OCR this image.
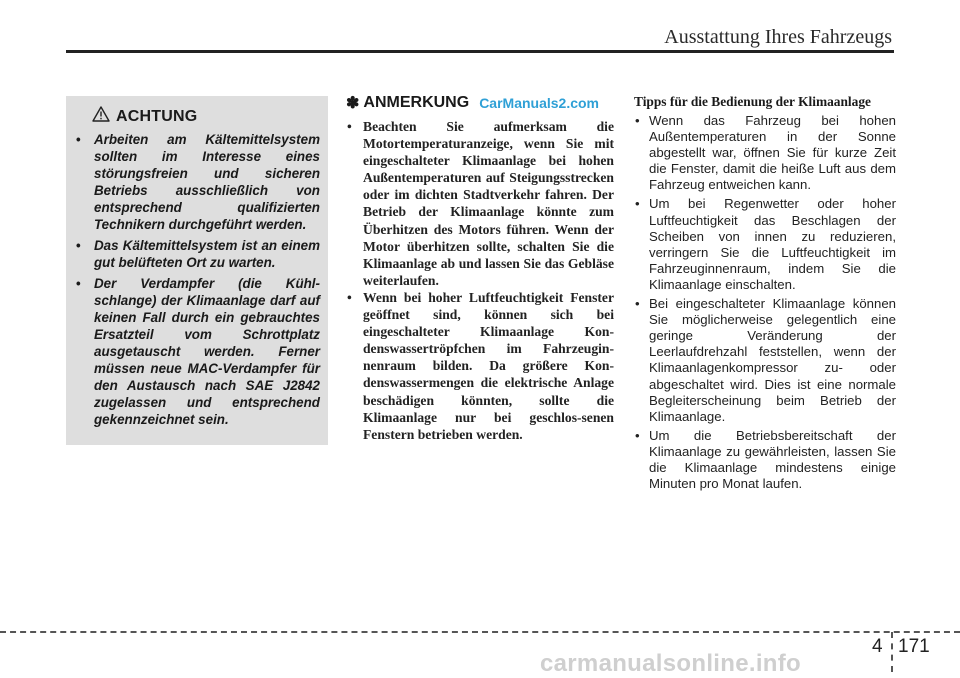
Ausstattung Ihres Fahrzeugs
ACHTUNG
• Arbeiten am Kältemittelsystem sollten im Interesse eines störungsfreien und sicheren Betriebs ausschließlich von entsprechend qualifizierten Technikern durchgeführt werden.
• Das Kältemittelsystem ist an einem gut belüfteten Ort zu warten.
• Der Verdampfer (die Kühl-schlange) der Klimaanlage darf auf keinen Fall durch ein gebrauchtes Ersatzteil vom Schrottplatz ausgetauscht werden. Ferner müssen neue MAC-Verdampfer für den Austausch nach SAE J2842 zugelassen und entsprechend gekennzeichnet sein.
✽ ANMERKUNG CarManuals2.com
• Beachten Sie aufmerksam die Motortemperaturanzeige, wenn Sie mit eingeschalteter Klimaanlage bei hohen Außentemperaturen auf Steigungsstrecken oder im dichten Stadtverkehr fahren. Der Betrieb der Klimaanlage könnte zum Überhitzen des Motors führen. Wenn der Motor überhitzen sollte, schalten Sie die Klimaanlage ab und lassen Sie das Gebläse weiterlaufen.
• Wenn bei hoher Luftfeuchtigkeit Fenster geöffnet sind, können sich bei eingeschalteter Klimaanlage Kon-denswassertröpfchen im Fahrzeugin-nenraum bilden. Da größere Kon-denswassermengen die elektrische Anlage beschädigen könnten, sollte die Klimaanlage nur bei geschlos-senen Fenstern betrieben werden.
Tipps für die Bedienung der Klimaanlage
• Wenn das Fahrzeug bei hohen Außentemperaturen in der Sonne abgestellt war, öffnen Sie für kurze Zeit die Fenster, damit die heiße Luft aus dem Fahrzeug entweichen kann.
• Um bei Regenwetter oder hoher Luftfeuchtigkeit das Beschlagen der Scheiben von innen zu reduzieren, verringern Sie die Luftfeuchtigkeit im Fahrzeuginnenraum, indem Sie die Klimaanlage einschalten.
• Bei eingeschalteter Klimaanlage können Sie möglicherweise gelegentlich eine geringe Veränderung der Leerlaufdrehzahl feststellen, wenn der Klimaanlagenkompressor zu- oder abgeschaltet wird. Dies ist eine normale Begleiterscheinung beim Betrieb der Klimaanlage.
• Um die Betriebsbereitschaft der Klimaanlage zu gewährleisten, lassen Sie die Klimaanlage mindestens einige Minuten pro Monat laufen.
4 171
carmanualsonline.info
